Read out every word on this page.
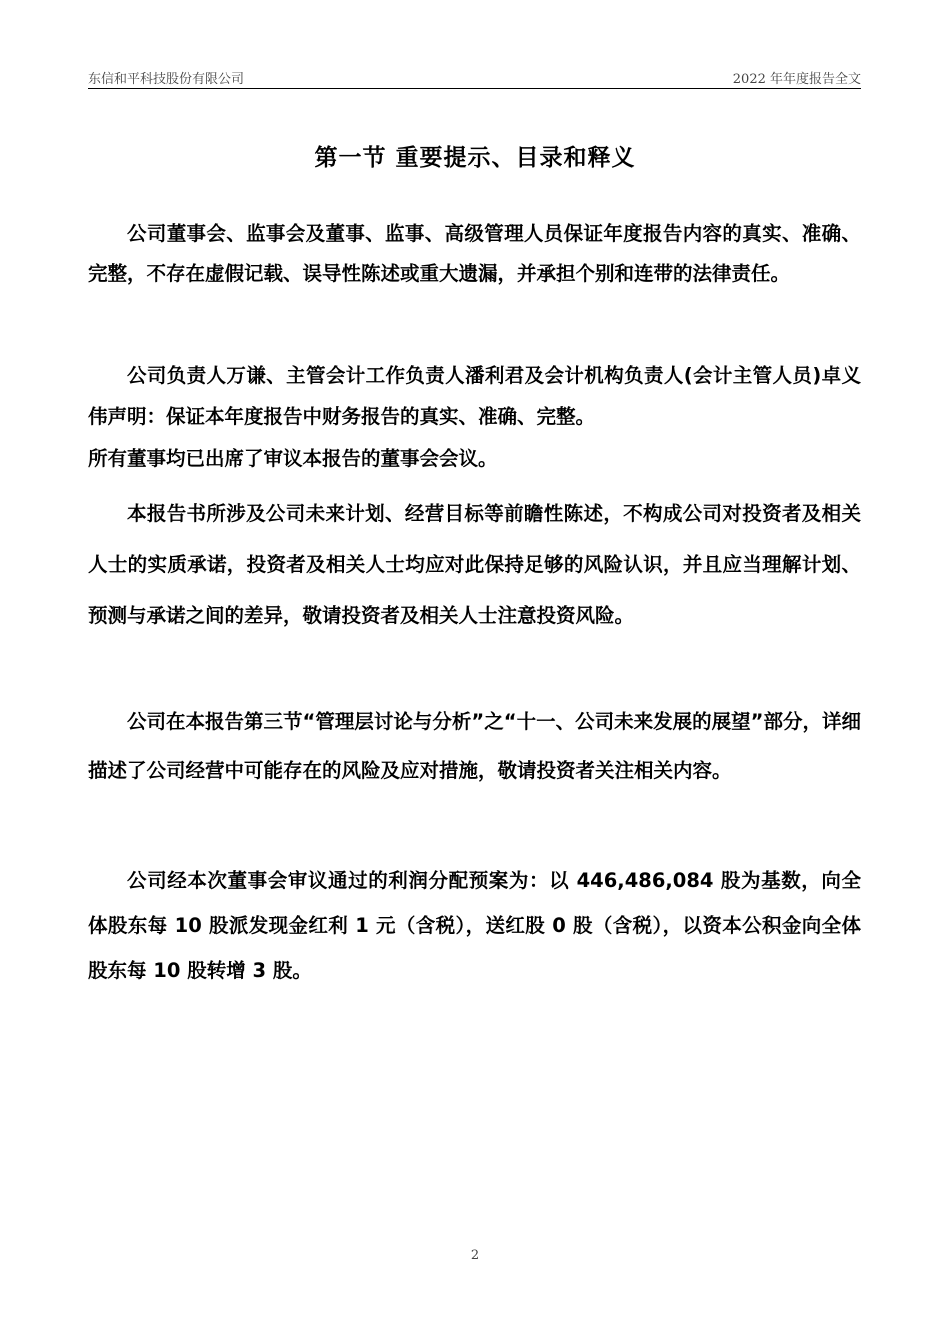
东信和平科技股份有限公司	2022 年年度报告全文
第一节 重要提示、目录和释义

公司董事会、监事会及董事、监事、高级管理人员保证年度报告内容的真实、准确、完整，不存在虚假记载、误导性陈述或重大遗漏，并承担个别和连带的法律责任。

公司负责人万谦、主管会计工作负责人潘利君及会计机构负责人(会计主管人员)卓义伟声明：保证本年度报告中财务报告的真实、准确、完整。

所有董事均已出席了审议本报告的董事会会议。

本报告书所涉及公司未来计划、经营目标等前瞻性陈述，不构成公司对投资者及相关人士的实质承诺，投资者及相关人士均应对此保持足够的风险认识，并且应当理解计划、预测与承诺之间的差异，敬请投资者及相关人士注意投资风险。

公司在本报告第三节“管理层讨论与分析”之“十一、公司未来发展的展望”部分，详细描述了公司经营中可能存在的风险及应对措施，敬请投资者关注相关内容。

公司经本次董事会审议通过的利润分配预案为：以 446,486,084 股为基数，向全体股东每 10 股派发现金红利 1 元（含税），送红股 0 股（含税），以资本公积金向全体股东每 10 股转增 3 股。

2
